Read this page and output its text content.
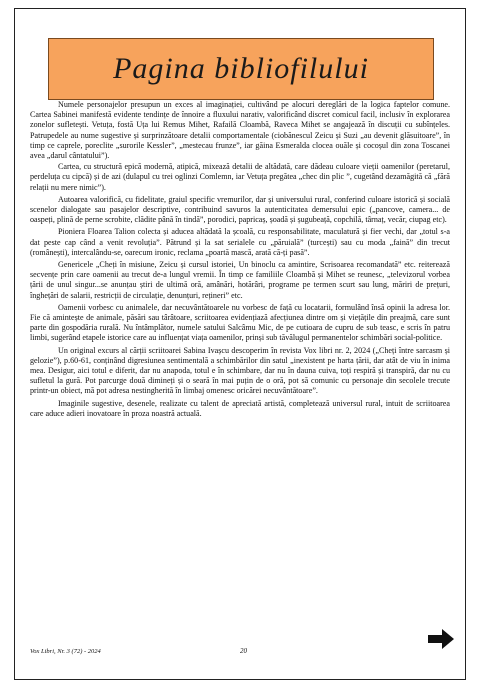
Pagina bibliofilului

Numele personajelor presupun un exces al imaginației, cultivând pe alocuri dereglări de la logica faptelor comune. Cartea Sabinei manifestă evidente tendințe de înnoire a fluxului narativ, valorificând discret comicul facil, inclusiv în explorarea zonelor sufletești. Vetuța, fostă Uța lui Remus Mihet, Rafailă Cloambă, Raveca Mihet se angajează în discuții cu subînțeles. Patrupedele au nume sugestive și surprinzătoare detalii comportamentale (ciobănescul Zeicu și Suzi „au devenit glăsuitoare”, în timp ce caprele, poreclite „surorile Kessler”, „mestecau frunze”, iar găina Esmeralda clocea ouăle și cocoșul din zona Toscanei avea „darul cântatului”).

Cartea, cu structură epică modernă, atipică, mixează detalii de altădată, care dădeau culoare vieții oamenilor (peretarul, perdeluța cu cipcă) și de azi (dulapul cu trei oglinzi Comlemn, iar Vetuța pregătea „chec din plic ”, cugetând dezamăgită că „fără relații nu mere nimic”).

Autoarea valorifică, cu fidelitate, graiul specific vremurilor, dar și universului rural, conferind culoare istorică și socială scenelor dialogate sau pasajelor descriptive, contribuind savuros la autenticitatea demersului epic („pancove, camera... de oaspeți, plină de perne scrobite, clădite până în tindă”, porodici, papricaș, șoadă și șugubeață, copchilă, târnaț, vecăr, ciupag etc).

Pioniera Floarea Talion colecta și aducea altădată la școală, cu responsabilitate, maculatură și fier vechi, dar „totul s-a dat peste cap când a venit revoluția”. Pătrund și la sat serialele cu „păruială” (turcești) sau cu moda „faină” din trecut (românești), intercalându-se, oarecum ironic, reclama „poartă mască, arată că-ți pasă”.

Genericele „Cheți în misiune, Zeicu și cursul istoriei, Un binoclu ca amintire, Scrisoarea recomandată” etc. reiterează secvențe prin care oamenii au trecut de-a lungul vremii. În timp ce familiile Cloambă și Mihet se reunesc, „televizorul vorbea țării de unul singur...se anunțau știri de ultimă oră, amânări, hotărâri, programe pe termen scurt sau lung, măriri de prețuri, înghețări de salarii, restricții de circulație, denunțuri, rețineri” etc.

Oamenii vorbesc cu animalele, dar necuvântătoarele nu vorbesc de față cu locatarii, formulând însă opinii la adresa lor. Fie că amintește de animale, păsări sau târâtoare, scriitoarea evidențiază afecțiunea dintre om și viețățile din preajmă, care sunt parte din gospodăria rurală. Nu întâmplător, numele satului Salcâmu Mic, de pe cutioara de cupru de sub teasc, e scris în patru limbi, sugerând etapele istorice care au influențat viața oamenilor, prinși sub tăvălugul permanentelor schimbări social-politice.

Un original excurs al cărții scriitoarei Sabina Ivașcu descoperim în revista Vox libri nr. 2, 2024 („Cheți între sarcasm și gelozie”), p.60-61, conținând digresiunea sentimentală a schimbărilor din satul „inexistent pe harta țării, dar atât de viu în inima mea. Desigur, aici totul e diferit, dar nu anapoda, totul e în schimbare, dar nu în dauna cuiva, toți respiră și transpiră, dar nu cu sufletul la gură. Pot parcurge două dimineți și o seară în mai puțin de o oră, pot să comunic cu personaje din secolele trecute printr-un obiect, mă pot adresa nestingherită în limbaj omenesc oricărei necuvântătoare”.

Imaginile sugestive, desenele, realizate cu talent de apreciată artistă, completează universul rural, intuit de scriitoarea care aduce adieri inovatoare în proza noastră actuală.

Vox Libri, Nr. 3 (72) - 2024	20
